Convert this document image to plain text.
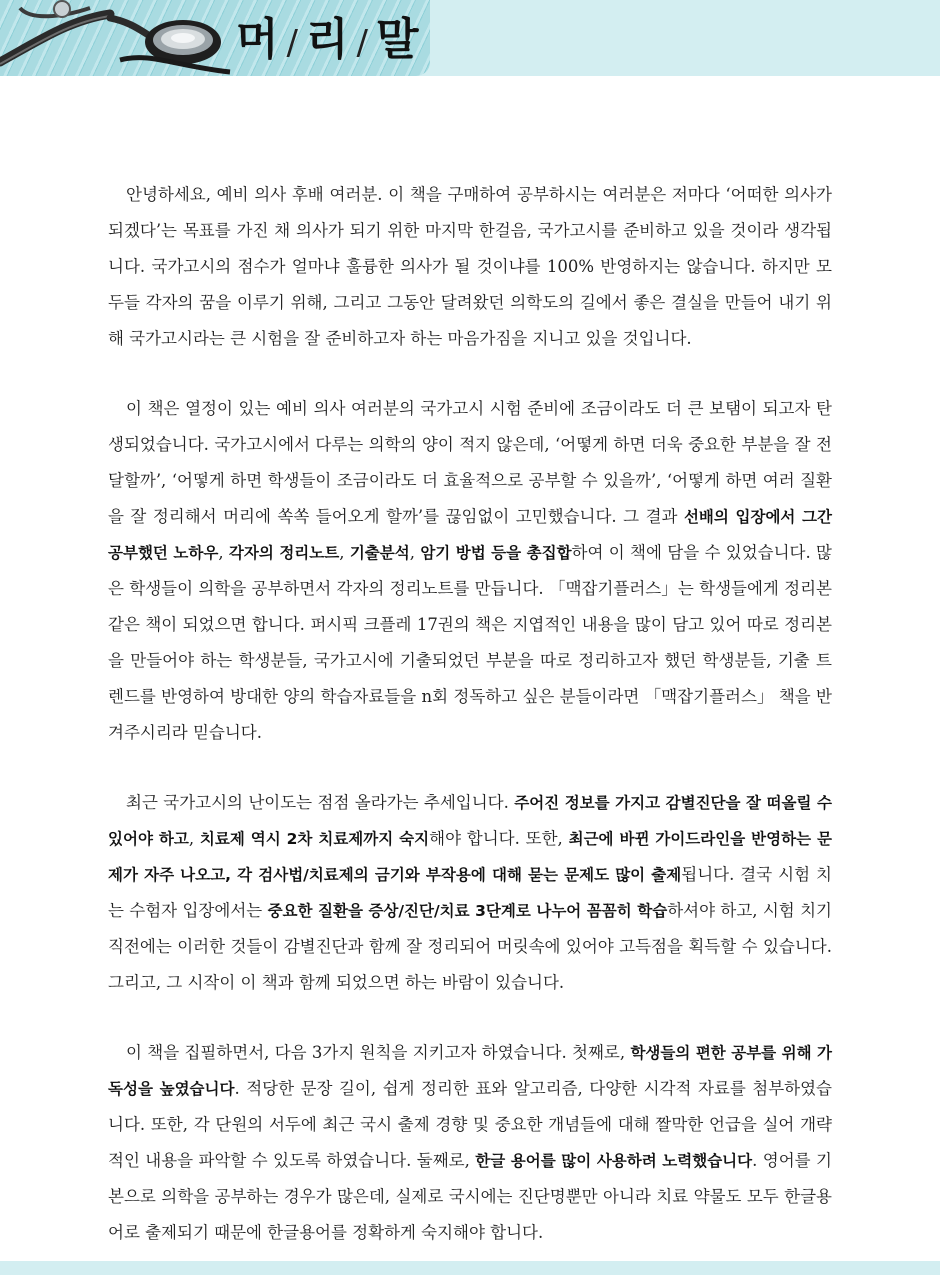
머 / 리 / 말

안녕하세요, 예비 의사 후배 여러분. 이 책을 구매하여 공부하시는 여러분은 저마다 ‘어떠한 의사가 되겠다’는 목표를 가진 채 의사가 되기 위한 마지막 한걸음, 국가고시를 준비하고 있을 것이라 생각됩니다. 국가고시의 점수가 얼마냐 훌륭한 의사가 될 것이냐를 100% 반영하지는 않습니다. 하지만 모두들 각자의 꿈을 이루기 위해, 그리고 그동안 달려왔던 의학도의 길에서 좋은 결실을 만들어 내기 위해 국가고시라는 큰 시험을 잘 준비하고자 하는 마음가짐을 지니고 있을 것입니다.

이 책은 열정이 있는 예비 의사 여러분의 국가고시 시험 준비에 조금이라도 더 큰 보탬이 되고자 탄생되었습니다. 국가고시에서 다루는 의학의 양이 적지 않은데, ‘어떻게 하면 더욱 중요한 부분을 잘 전달할까’, ‘어떻게 하면 학생들이 조금이라도 더 효율적으로 공부할 수 있을까’, ‘어떻게 하면 여러 질환을 잘 정리해서 머리에 쏙쏙 들어오게 할까’를 끊임없이 고민했습니다. 그 결과 선배의 입장에서 그간 공부했던 노하우, 각자의 정리노트, 기출분석, 암기 방법 등을 총집합하여 이 책에 담을 수 있었습니다. 많은 학생들이 의학을 공부하면서 각자의 정리노트를 만듭니다. 「맥잡기플러스」는 학생들에게 정리본같은 책이 되었으면 합니다. 퍼시픽 크플레 17권의 책은 지엽적인 내용을 많이 담고 있어 따로 정리본을 만들어야 하는 학생분들, 국가고시에 기출되었던 부분을 따로 정리하고자 했던 학생분들, 기출 트렌드를 반영하여 방대한 양의 학습자료들을 n회 정독하고 싶은 분들이라면 「맥잡기플러스」 책을 반겨주시리라 믿습니다.

최근 국가고시의 난이도는 점점 올라가는 추세입니다. 주어진 정보를 가지고 감별진단을 잘 떠올릴 수 있어야 하고, 치료제 역시 2차 치료제까지 숙지해야 합니다. 또한, 최근에 바뀐 가이드라인을 반영하는 문제가 자주 나오고, 각 검사법/치료제의 금기와 부작용에 대해 묻는 문제도 많이 출제됩니다. 결국 시험 치는 수험자 입장에서는 중요한 질환을 증상/진단/치료 3단계로 나누어 꼼꼼히 학습하셔야 하고, 시험 치기 직전에는 이러한 것들이 감별진단과 함께 잘 정리되어 머릿속에 있어야 고득점을 획득할 수 있습니다. 그리고, 그 시작이 이 책과 함께 되었으면 하는 바람이 있습니다.

이 책을 집필하면서, 다음 3가지 원칙을 지키고자 하였습니다. 첫째로, 학생들의 편한 공부를 위해 가독성을 높였습니다. 적당한 문장 길이, 쉽게 정리한 표와 알고리즘, 다양한 시각적 자료를 첨부하였습니다. 또한, 각 단원의 서두에 최근 국시 출제 경향 및 중요한 개념들에 대해 짤막한 언급을 실어 개략적인 내용을 파악할 수 있도록 하였습니다. 둘째로, 한글 용어를 많이 사용하려 노력했습니다. 영어를 기본으로 의학을 공부하는 경우가 많은데, 실제로 국시에는 진단명뿐만 아니라 치료 약물도 모두 한글용어로 출제되기 때문에 한글용어를 정확하게 숙지해야 합니다.
